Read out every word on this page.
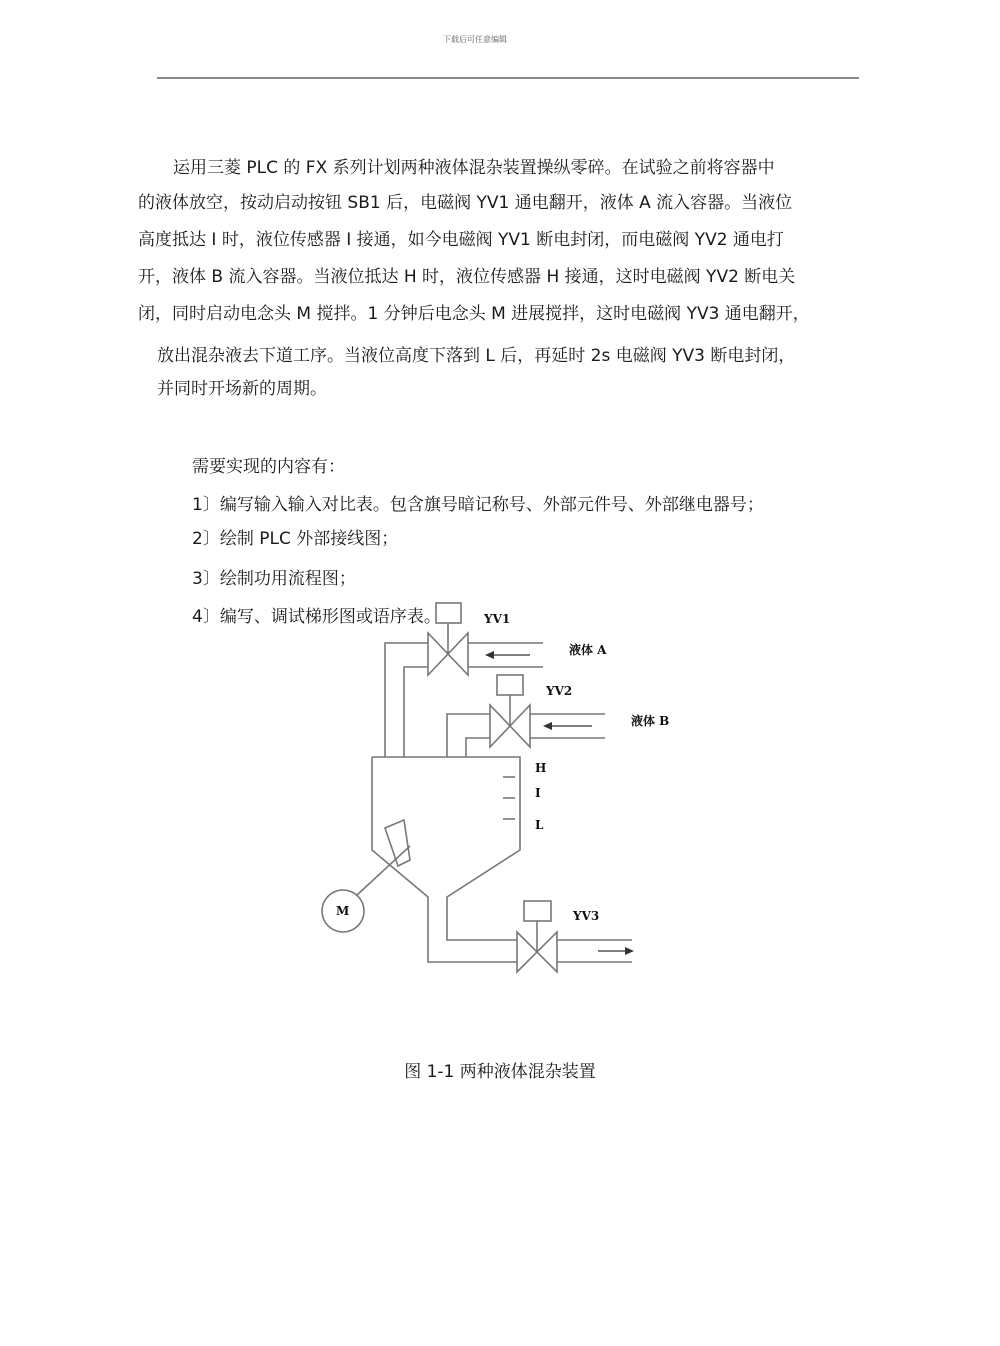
下载后可任意编辑
运用三菱 PLC 的 FX 系列计划两种液体混杂装置操纵零碎。在试验之前将容器中
的液体放空，按动启动按钮 SB1 后，电磁阀 YV1 通电翻开，液体 A 流入容器。当液位
高度抵达 I 时，液位传感器 I 接通，如今电磁阀 YV1 断电封闭，而电磁阀 YV2 通电打
开，液体 B 流入容器。当液位抵达 H 时，液位传感器 H 接通，这时电磁阀 YV2 断电关
闭，同时启动电念头 M 搅拌。1 分钟后电念头 M 进展搅拌，这时电磁阀 YV3 通电翻开，
放出混杂液去下道工序。当液位高度下落到 L 后，再延时 2s 电磁阀 YV3 断电封闭，
并同时开场新的周期。
需要实现的内容有：
1〕编写输入输入对比表。包含旗号暗记称号、外部元件号、外部继电器号；
2〕绘制 PLC 外部接线图；
3〕绘制功用流程图；
4〕编写、调试梯形图或语序表。	YV1
液体 A
YV2
液体 B
H
I
L
M	YV3
图 1-1 两种液体混杂装置
